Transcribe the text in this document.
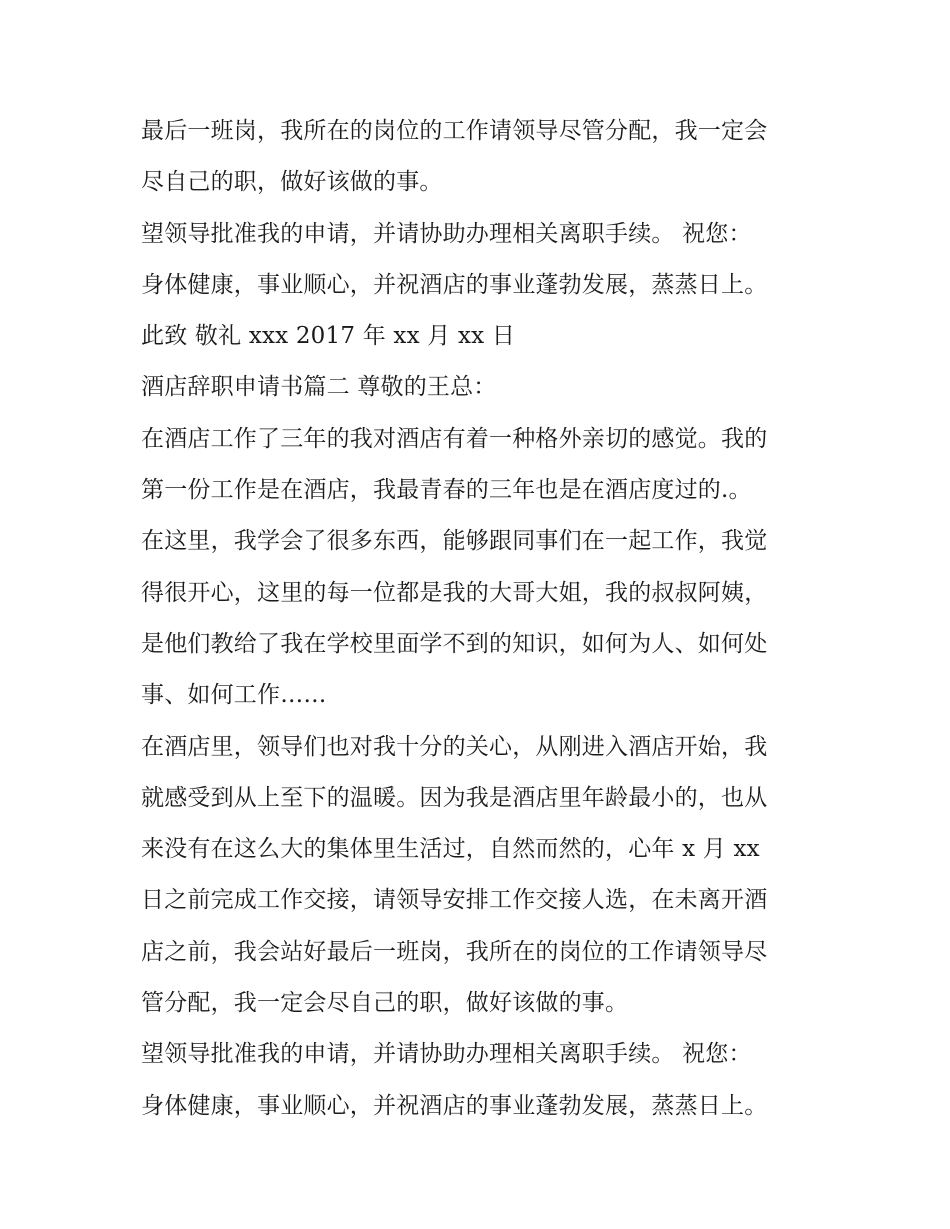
最后一班岗，我所在的岗位的工作请领导尽管分配，我一定会
尽自己的职，做好该做的事。
望领导批准我的申请，并请协助办理相关离职手续。 祝您：
身体健康，事业顺心，并祝酒店的事业蓬勃发展，蒸蒸日上。
此致 敬礼 xxx 2017 年 xx 月 xx 日
酒店辞职申请书篇二 尊敬的王总：
在酒店工作了三年的我对酒店有着一种格外亲切的感觉。我的
第一份工作是在酒店，我最青春的三年也是在酒店度过的.。
在这里，我学会了很多东西，能够跟同事们在一起工作，我觉
得很开心，这里的每一位都是我的大哥大姐，我的叔叔阿姨，
是他们教给了我在学校里面学不到的知识，如何为人、如何处
事、如何工作……
在酒店里，领导们也对我十分的关心，从刚进入酒店开始，我
就感受到从上至下的温暖。因为我是酒店里年龄最小的，也从
来没有在这么大的集体里生活过，自然而然的，心年 x 月 xx
日之前完成工作交接，请领导安排工作交接人选，在未离开酒
店之前，我会站好最后一班岗，我所在的岗位的工作请领导尽
管分配，我一定会尽自己的职，做好该做的事。
望领导批准我的申请，并请协助办理相关离职手续。 祝您：
身体健康，事业顺心，并祝酒店的事业蓬勃发展，蒸蒸日上。
